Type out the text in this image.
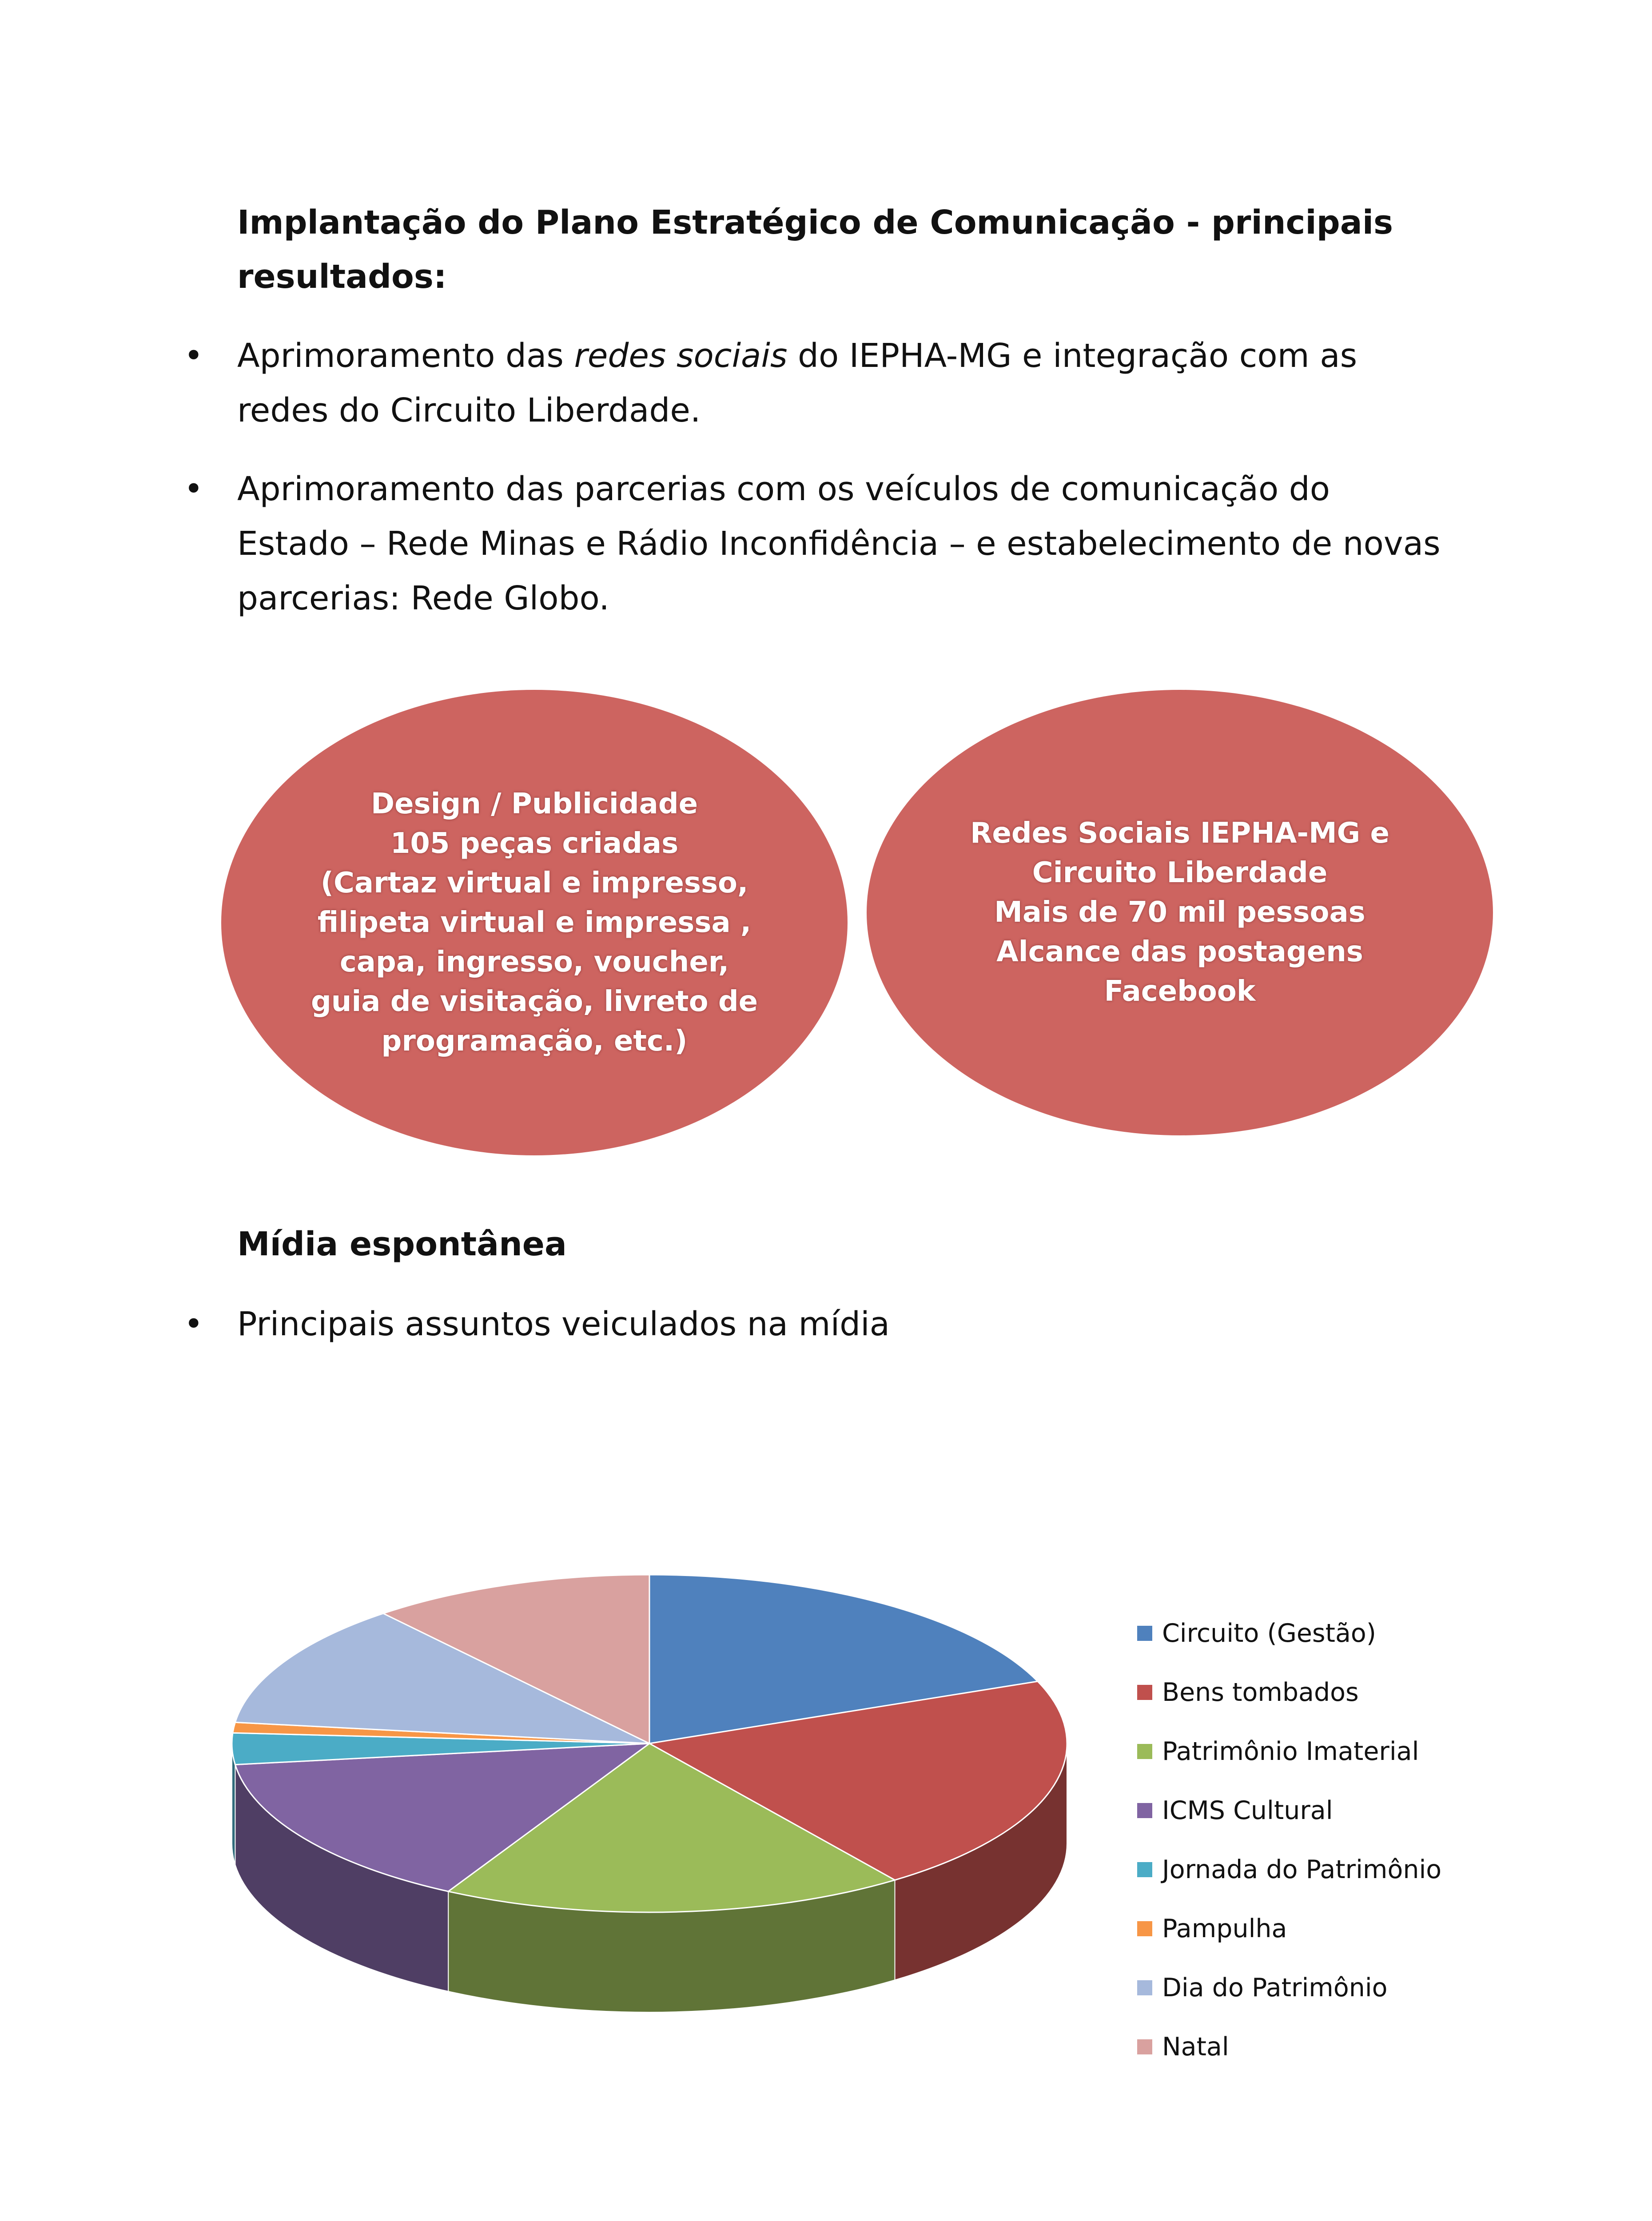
Implantação do Plano Estratégico de Comunicação - principais
resultados:
• Aprimoramento das redes sociais do IEPHA-MG e integração com as
redes do Circuito Liberdade.
• Aprimoramento das parcerias com os veículos de comunicação do
Estado – Rede Minas e Rádio Inconfidência – e estabelecimento de novas
parcerias: Rede Globo.
Design / Publicidade
105 peças criadas
(Cartaz virtual e impresso,
filipeta virtual e impressa ,
capa, ingresso, voucher,
guia de visitação, livreto de
programação, etc.)
Redes Sociais IEPHA-MG e
Circuito Liberdade
Mais de 70 mil pessoas
Alcance das postagens
Facebook
Mídia espontânea
• Principais assuntos veiculados na mídia
Circuito (Gestão)
Bens tombados
Patrimônio Imaterial
ICMS Cultural
Jornada do Patrimônio
Pampulha
Dia do Patrimônio
Natal
